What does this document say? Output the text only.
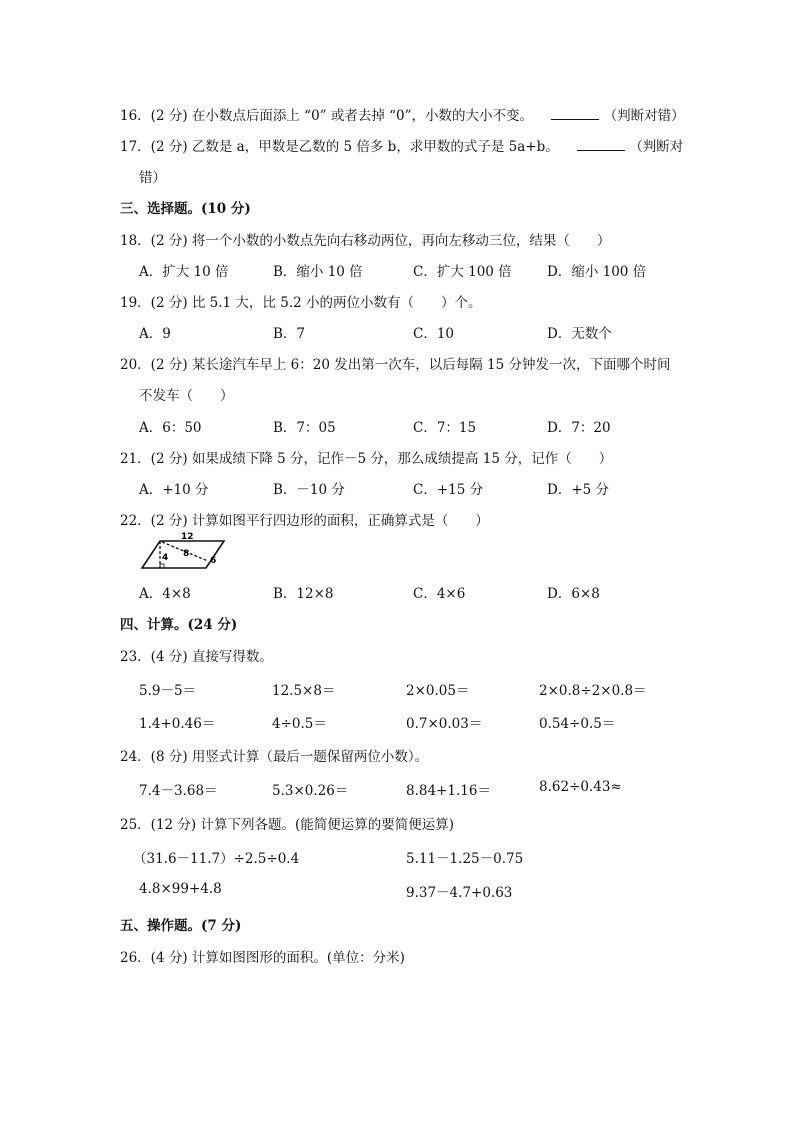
16．(2 分) 在小数点后面添上 “0” 或者去掉 “0”，小数的大小不变。	（判断对错）
17．(2 分) 乙数是 a，甲数是乙数的 5 倍多 b，求甲数的式子是 5a+b。	（判断对
错）
三、选择题。(10 分)
18．(2 分) 将一个小数的小数点先向右移动两位，再向左移动三位，结果（　　）
A．扩大 10 倍	B．缩小 10 倍	C．扩大 100 倍	D．缩小 100 倍
19．(2 分) 比 5.1 大，比 5.2 小的两位小数有（　　）个。
A．9	B．7	C．10	D．无数个
20．(2 分) 某长途汽车早上 6：20 发出第一次车，以后每隔 15 分钟发一次，下面哪个时间
不发车（　　）
A．6：50	B．7：05	C．7：15	D．7：20
21．(2 分) 如果成绩下降 5 分，记作－5 分，那么成绩提高 15 分，记作（　　）
A．+10 分	B．－10 分	C．+15 分	D．+5 分
22．(2 分) 计算如图平行四边形的面积，正确算式是（　　）
12
4 8
6
A．4×8	B．12×8	C．4×6	D．6×8
四、计算。(24 分)
23．(4 分) 直接写得数。
5.9－5＝	12.5×8＝	2×0.05＝	2×0.8÷2×0.8＝
1.4+0.46＝	4÷0.5＝	0.7×0.03＝	0.54÷0.5＝
24．(8 分) 用竖式计算（最后一题保留两位小数）。
7.4－3.68＝	5.3×0.26＝	8.84+1.16＝	8.62÷0.43≈
25．(12 分) 计算下列各题。(能简便运算的要简便运算)
（31.6－11.7）÷2.5÷0.4	5.11－1.25－0.75
4.8×99+4.8	9.37－4.7+0.63
五、操作题。(7 分)
26．(4 分) 计算如图图形的面积。(单位：分米)
